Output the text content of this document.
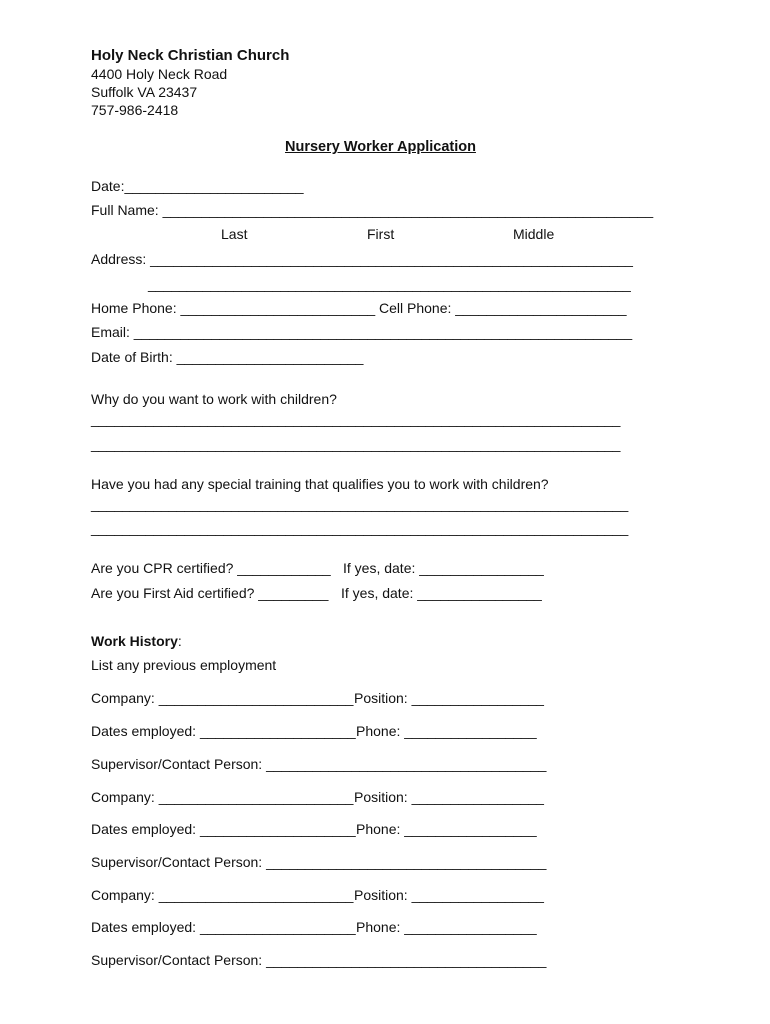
Holy Neck Christian Church
4400 Holy Neck Road
Suffolk VA 23437
757-986-2418
Nursery Worker Application
Date:_______________________
Full Name: _______________________________________________________________
Last	First	Middle
Address: ______________________________________________________________
______________________________________________________________
Home Phone: _________________________ Cell Phone: ______________________
Email: ________________________________________________________________
Date of Birth: ________________________
Why do you want to work with children?
____________________________________________________________________
____________________________________________________________________
Have you had any special training that qualifies you to work with children?
_____________________________________________________________________
_____________________________________________________________________
Are you CPR certified? ____________ If yes, date: ________________
Are you First Aid certified? _________ If yes, date: ________________
Work History:
List any previous employment
Company: _________________________ Position: _________________
Dates employed: ____________________ Phone: _________________
Supervisor/Contact Person: ____________________________________
Company: _________________________ Position: _________________
Dates employed: ____________________ Phone: _________________
Supervisor/Contact Person: ____________________________________
Company: _________________________ Position: _________________
Dates employed: ____________________ Phone: _________________
Supervisor/Contact Person: ____________________________________
